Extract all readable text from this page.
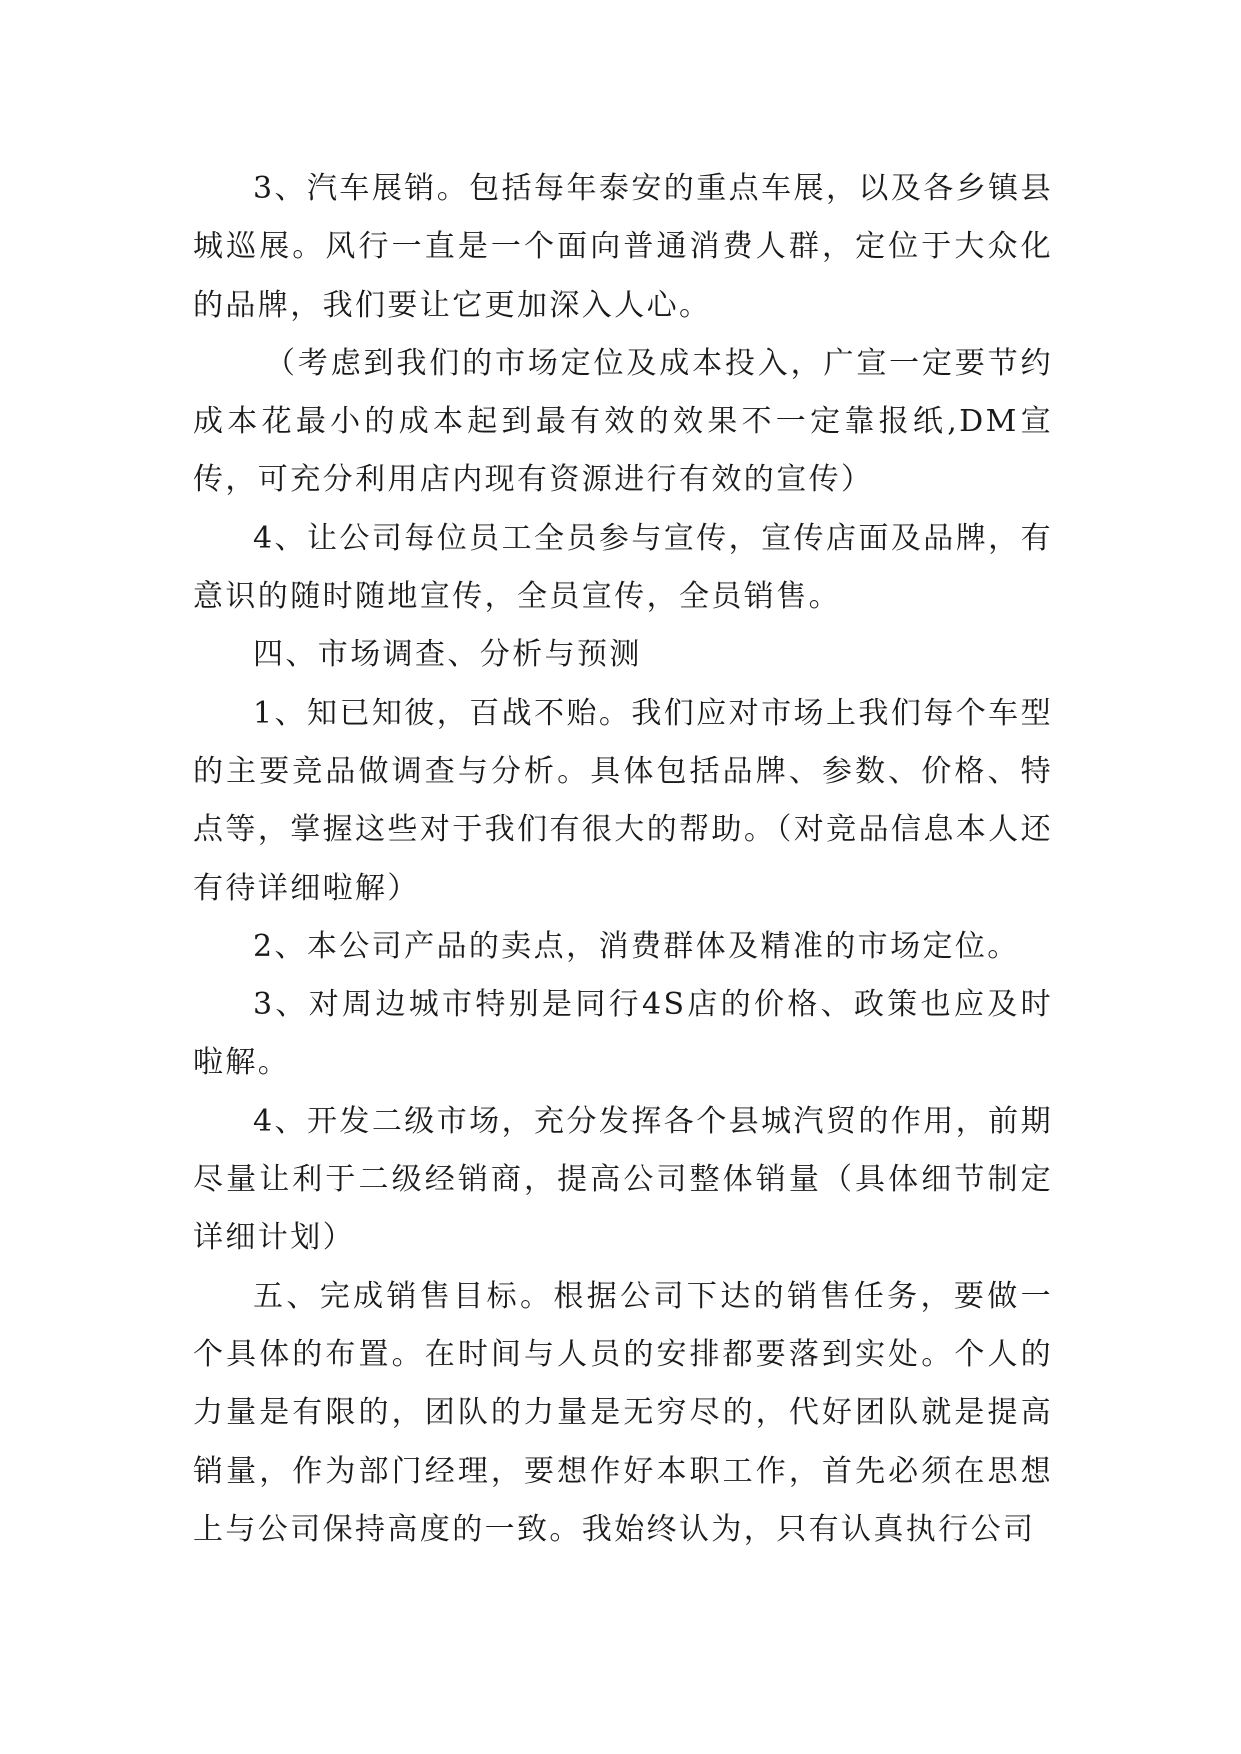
3、汽车展销。包括每年泰安的重点车展，以及各乡镇县城巡展。风行一直是一个面向普通消费人群，定位于大众化的品牌，我们要让它更加深入人心。

（考虑到我们的市场定位及成本投入，广宣一定要节约成本花最小的成本起到最有效的效果不一定靠报纸,DM宣传，可充分利用店内现有资源进行有效的宣传）

4、让公司每位员工全员参与宣传，宣传店面及品牌，有意识的随时随地宣传，全员宣传，全员销售。

四、市场调查、分析与预测

1、知已知彼，百战不贻。我们应对市场上我们每个车型的主要竞品做调查与分析。具体包括品牌、参数、价格、特点等，掌握这些对于我们有很大的帮助。（对竞品信息本人还有待详细啦解）

2、本公司产品的卖点，消费群体及精准的市场定位。

3、对周边城市特别是同行4S店的价格、政策也应及时啦解。

4、开发二级市场，充分发挥各个县城汽贸的作用，前期尽量让利于二级经销商，提高公司整体销量（具体细节制定详细计划）

五、完成销售目标。根据公司下达的销售任务，要做一个具体的布置。在时间与人员的安排都要落到实处。个人的力量是有限的，团队的力量是无穷尽的，代好团队就是提高销量，作为部门经理，要想作好本职工作，首先必须在思想上与公司保持高度的一致。我始终认为，只有认真执行公司
